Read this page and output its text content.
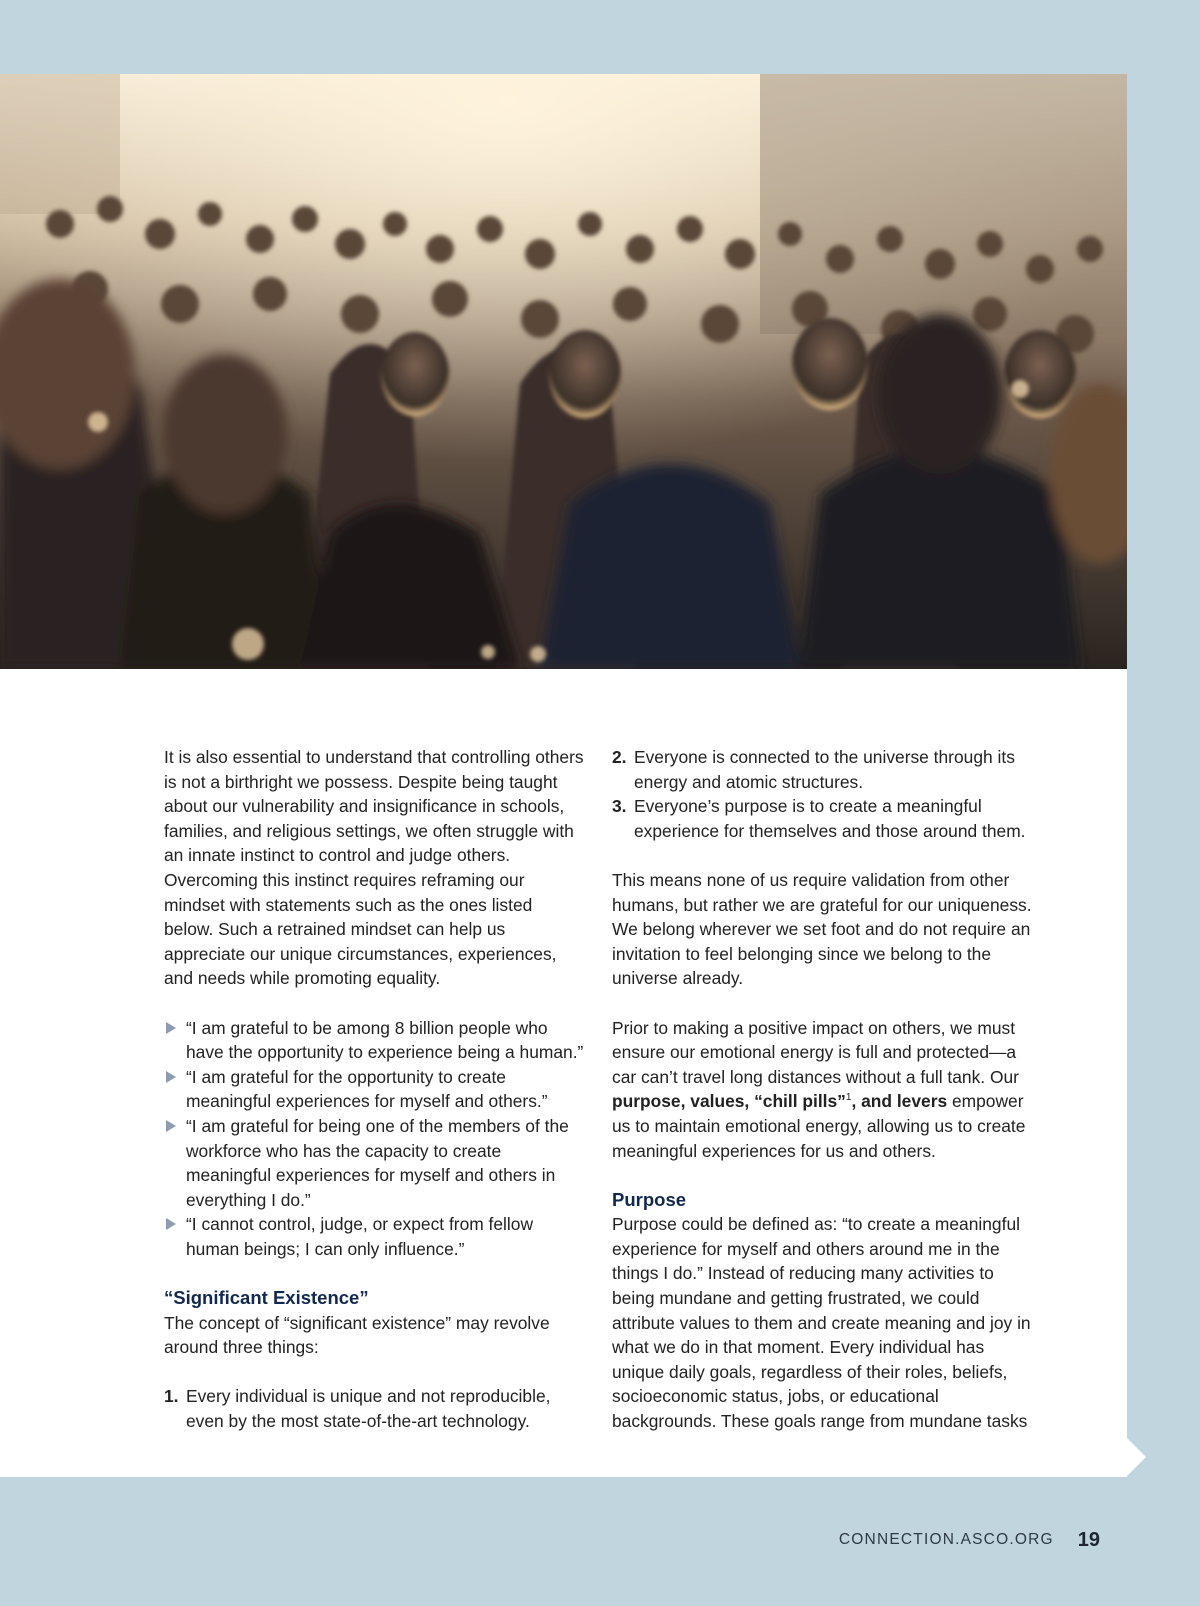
It is also essential to understand that controlling others is not a birthright we possess. Despite being taught about our vulnerability and insignificance in schools, families, and religious settings, we often struggle with an innate instinct to control and judge others. Overcoming this instinct requires reframing our mindset with statements such as the ones listed below. Such a retrained mindset can help us appreciate our unique circumstances, experiences, and needs while promoting equality.

“I am grateful to be among 8 billion people who have the opportunity to experience being a human.”
“I am grateful for the opportunity to create meaningful experiences for myself and others.”
“I am grateful for being one of the members of the workforce who has the capacity to create meaningful experiences for myself and others in everything I do.”
“I cannot control, judge, or expect from fellow human beings; I can only influence.”
“Significant Existence”

The concept of “significant existence” may revolve around three things:

1. Every individual is unique and not reproducible, even by the most state-of-the-art technology.
2. Everyone is connected to the universe through its energy and atomic structures.
3. Everyone’s purpose is to create a meaningful experience for themselves and those around them.

This means none of us require validation from other humans, but rather we are grateful for our uniqueness. We belong wherever we set foot and do not require an invitation to feel belonging since we belong to the universe already.

Prior to making a positive impact on others, we must ensure our emotional energy is full and protected—a car can’t travel long distances without a full tank. Our purpose, values, “chill pills”$^1$, and levers empower us to maintain emotional energy, allowing us to create meaningful experiences for us and others.

Purpose

Purpose could be defined as: “to create a meaningful experience for myself and others around me in the things I do.” Instead of reducing many activities to being mundane and getting frustrated, we could attribute values to them and create meaning and joy in what we do in that moment. Every individual has unique daily goals, regardless of their roles, beliefs, socioeconomic status, jobs, or educational backgrounds. These goals range from mundane tasks

CONNECTION.ASCO.ORG 19
